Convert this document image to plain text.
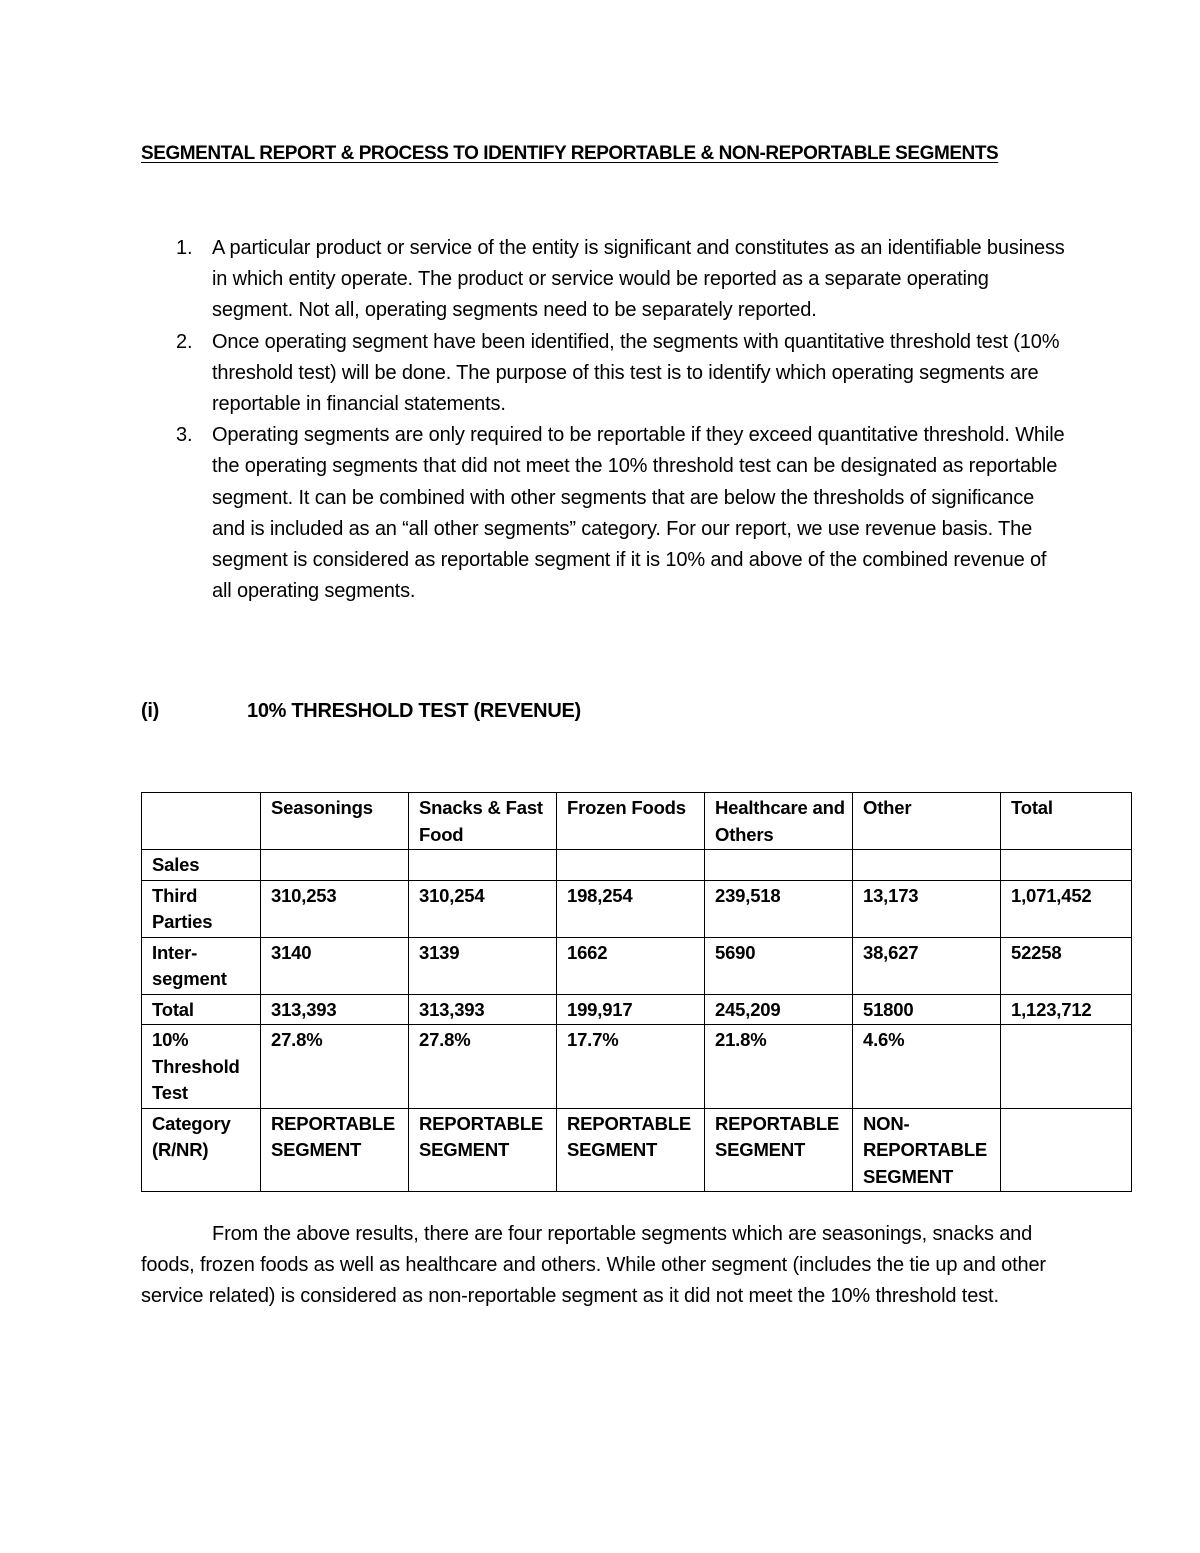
SEGMENTAL REPORT & PROCESS TO IDENTIFY REPORTABLE & NON-REPORTABLE SEGMENTS
1. A particular product or service of the entity is significant and constitutes as an identifiable business in which entity operate. The product or service would be reported as a separate operating segment. Not all, operating segments need to be separately reported.
2. Once operating segment have been identified, the segments with quantitative threshold test (10% threshold test) will be done. The purpose of this test is to identify which operating segments are reportable in financial statements.
3. Operating segments are only required to be reportable if they exceed quantitative threshold. While the operating segments that did not meet the 10% threshold test can be designated as reportable segment. It can be combined with other segments that are below the thresholds of significance and is included as an “all other segments” category. For our report, we use revenue basis. The segment is considered as reportable segment if it is 10% and above of the combined revenue of all operating segments.
(i)	10% THRESHOLD TEST (REVENUE)
	Seasonings	Snacks & Fast Food	Frozen Foods	Healthcare and Others	Other	Total
Sales						
Third Parties	310,253	310,254	198,254	239,518	13,173	1,071,452
Inter-segment	3140	3139	1662	5690	38,627	52258
Total	313,393	313,393	199,917	245,209	51800	1,123,712
10% Threshold Test	27.8%	27.8%	17.7%	21.8%	4.6%	
Category (R/NR)	REPORTABLE SEGMENT	REPORTABLE SEGMENT	REPORTABLE SEGMENT	REPORTABLE SEGMENT	NON-REPORTABLE SEGMENT	

From the above results, there are four reportable segments which are seasonings, snacks and foods, frozen foods as well as healthcare and others. While other segment (includes the tie up and other service related) is considered as non-reportable segment as it did not meet the 10% threshold test.
